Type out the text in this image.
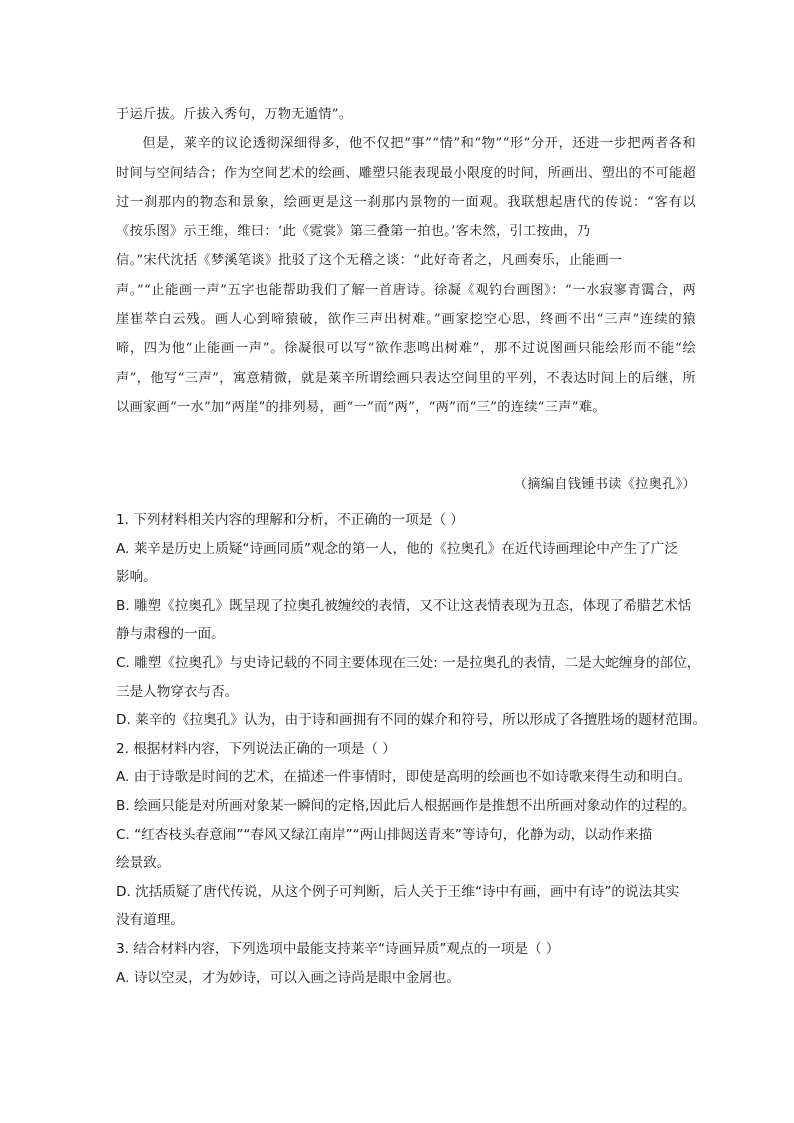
于运斤拔。斤拔入秀句，万物无遁情”。

但是，莱辛的议论透彻深细得多，他不仅把“事”“情”和“物”“形”分开，还进一步把两者各和时间与空间结合；作为空间艺术的绘画、雕塑只能表现最小限度的时间，所画出、塑出的不可能超过一刹那内的物态和景象，绘画更是这一刹那内景物的一面观。我联想起唐代的传说：“客有以《按乐图》示王维，维曰：‘此《霓裳》第三叠第一拍也。’客未然，引工按曲，乃

信。”宋代沈括《梦溪笔谈》批驳了这个无稽之谈：“此好奇者之，凡画奏乐，止能画一

声。”“止能画一声”五字也能帮助我们了解一首唐诗。徐凝《观钓台画图》：“一水寂寥青霭合，两崖崔萃白云残。画人心到啼猿破，欲作三声出树难。”画家挖空心思，终画不出“三声”连续的猿啼，四为他“止能画一声”。徐凝很可以写“欲作悲鸣出树难”，那不过说图画只能绘形而不能“绘声”，他写“三声”，寓意精微，就是莱辛所谓绘画只表达空间里的平列，不表达时间上的后继，所以画家画“一水”加“两崖”的排列易，画“一”而“两”，“两”而“三”的连续“三声”难。

（摘编自钱锺书读《拉奥孔》）
1. 下列材料相关内容的理解和分析，不正确的一项是（ ）
A. 莱辛是历史上质疑“诗画同质”观念的第一人，他的《拉奥孔》在近代诗画理论中产生了广泛
影响。
B. 雕塑《拉奥孔》既呈现了拉奥孔被缠绞的表情，又不让这表情表现为丑态，体现了希腊艺术恬
静与肃穆的一面。
C. 雕塑《拉奥孔》与史诗记载的不同主要体现在三处: 一是拉奥孔的表情，二是大蛇缠身的部位，
三是人物穿衣与否。
D. 莱辛的《拉奥孔》认为，由于诗和画拥有不同的媒介和符号，所以形成了各擅胜场的题材范围。
2. 根据材料内容，下列说法正确的一项是（ ）
A. 由于诗歌是时间的艺术，在描述一件事情时，即使是高明的绘画也不如诗歌来得生动和明白。
B. 绘画只能是对所画对象某一瞬间的定格,因此后人根据画作是推想不出所画对象动作的过程的。
C. “红杏枝头春意闹”“春风又绿江南岸”“两山排闼送青来”等诗句，化静为动，以动作来描
绘景致。
D. 沈括质疑了唐代传说，从这个例子可判断，后人关于王维“诗中有画，画中有诗”的说法其实
没有道理。
3. 结合材料内容，下列选项中最能支持莱辛“诗画异质”观点的一项是（ ）
A. 诗以空灵，才为妙诗，可以入画之诗尚是眼中金屑也。
